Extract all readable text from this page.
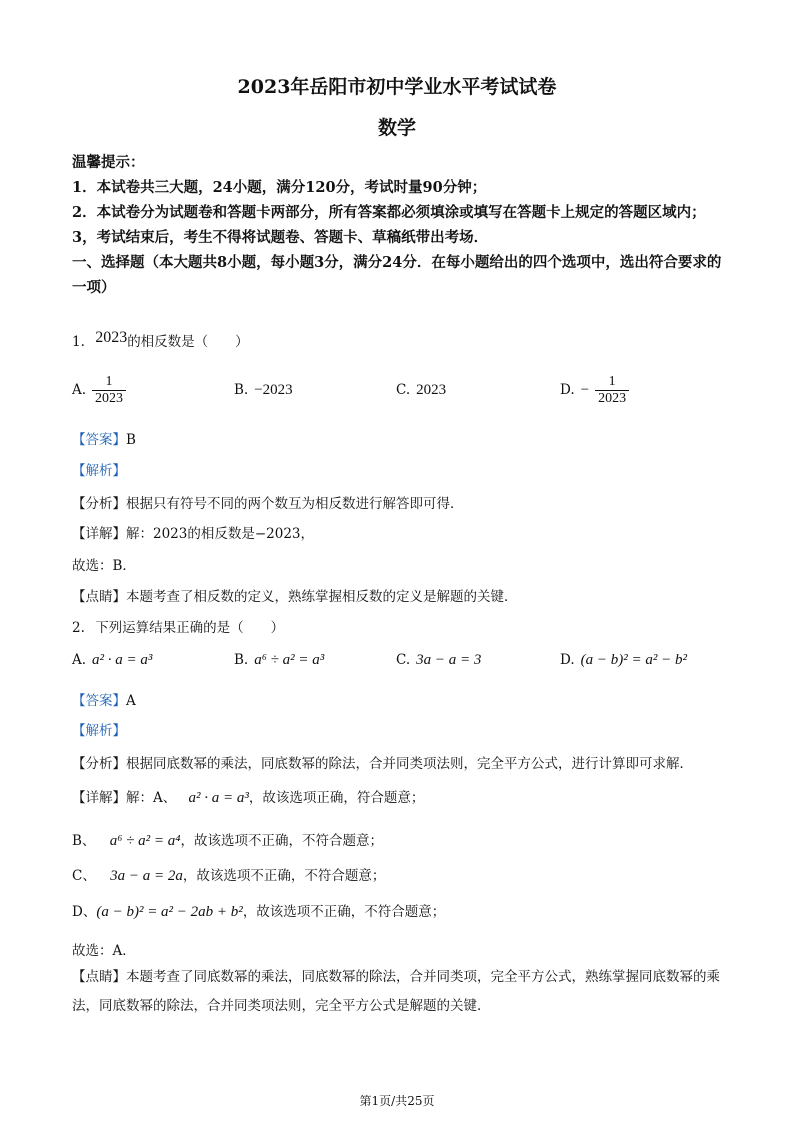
2023年岳阳市初中学业水平考试试卷
数学
温馨提示：
1．本试卷共三大题，24小题，满分120分，考试时量90分钟；
2．本试卷分为试题卷和答题卡两部分，所有答案都必须填涂或填写在答题卡上规定的答题区域内；
3，考试结束后，考生不得将试题卷、答题卡、草稿纸带出考场．
一、选择题（本大题共8小题，每小题3分，满分24分．在每小题给出的四个选项中，选出符合要求的一项）
1. 2023的相反数是（　　）
A. $\frac{1}{2023}$	B. −2023	C. 2023	D. − $\frac{1}{2023}$
【答案】B
【解析】
【分析】根据只有符号不同的两个数互为相反数进行解答即可得．
【详解】解：2023的相反数是−2023，
故选：B．
【点睛】本题考查了相反数的定义，熟练掌握相反数的定义是解题的关键．
2. 下列运算结果正确的是（　　）
A. a² · a = a³	B. a⁶ ÷ a² = a³	C. 3a − a = 3	D. (a − b)² = a² − b²
【答案】A
【解析】
【分析】根据同底数幂的乘法，同底数幂的除法，合并同类项法则，完全平方公式，进行计算即可求解．
【详解】解：A、 a² · a = a³，故该选项正确，符合题意；
B、 a⁶ ÷ a² = a⁴，故该选项不正确，不符合题意；
C、 3a − a = 2a，故该选项不正确，不符合题意；
D、(a − b)² = a² − 2ab + b²，故该选项不正确，不符合题意；
故选：A．
【点睛】本题考查了同底数幂的乘法，同底数幂的除法，合并同类项，完全平方公式，熟练掌握同底数幂的乘法，同底数幂的除法，合并同类项法则，完全平方公式是解题的关键．
第1页/共25页
